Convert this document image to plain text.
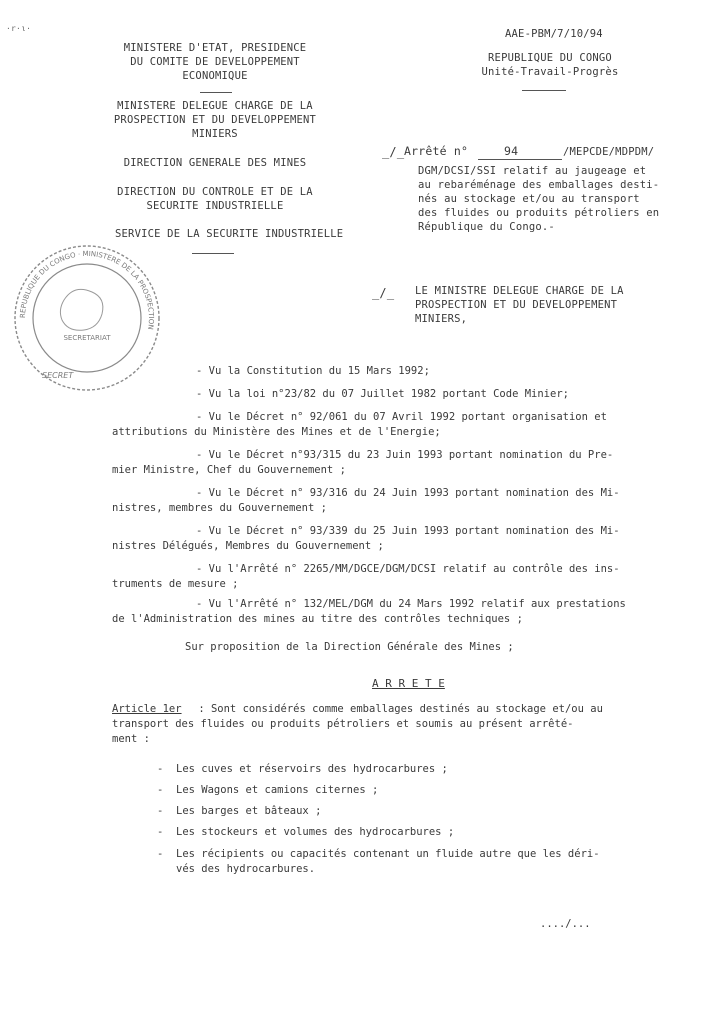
·r·ι·
MINISTERE D'ETAT, PRESIDENCE
DU COMITE DE DEVELOPPEMENT
ECONOMIQUE
MINISTERE DELEGUE CHARGE DE LA
PROSPECTION ET DU DEVELOPPEMENT
MINIERS
DIRECTION GENERALE DES MINES
DIRECTION DU CONTROLE ET DE LA
SECURITE INDUSTRIELLE
SERVICE DE LA SECURITE INDUSTRIELLE
AAE-PBM/7/10/94
REPUBLIQUE DU CONGO
Unité-Travail-Progrès
_/_ Arrêté n°	94	/MEPCDE/MDPDM/
DGM/DCSI/SSI relatif au jaugeage et
au rebaréménage des emballages desti-
nés au stockage et/ou au transport
des fluides ou produits pétroliers en
République du Congo.-
REPUBLIQUE DU CONGO · MINISTERE DE LA PROSPECTION
SECRETARIAT
SECRET
_/_ LE MINISTRE DELEGUE CHARGE DE LA
PROSPECTION ET DU DEVELOPPEMENT
MINIERS,
- Vu la Constitution du 15 Mars 1992;
- Vu la loi n°23/82 du 07 Juillet 1982 portant Code Minier;
- Vu le Décret n° 92/061 du 07 Avril 1992 portant organisation et
attributions du Ministère des Mines et de l'Energie;
- Vu le Décret n°93/315 du 23 Juin 1993 portant nomination du Pre-
mier Ministre, Chef du Gouvernement ;
- Vu le Décret n° 93/316 du 24 Juin 1993 portant nomination des Mi-
nistres, membres du Gouvernement ;
- Vu le Décret n° 93/339 du 25 Juin 1993 portant nomination des Mi-
nistres Délégués, Membres du Gouvernement ;
- Vu l'Arrêté n° 2265/MM/DGCE/DGM/DCSI relatif au contrôle des ins-
truments de mesure ;
- Vu l'Arrêté n° 132/MEL/DGM du 24 Mars 1992 relatif aux prestations
de l'Administration des mines au titre des contrôles techniques ;
Sur proposition de la Direction Générale des Mines ;
A R R E T E
Article 1er : Sont considérés comme emballages destinés au stockage et/ou au
transport des fluides ou produits pétroliers et soumis au présent arrêté-
ment :
- Les cuves et réservoirs des hydrocarbures ;
- Les Wagons et camions citernes ;
- Les barges et bâteaux ;
- Les stockeurs et volumes des hydrocarbures ;
- Les récipients ou capacités contenant un fluide autre que les déri-
vés des hydrocarbures.
..../...
